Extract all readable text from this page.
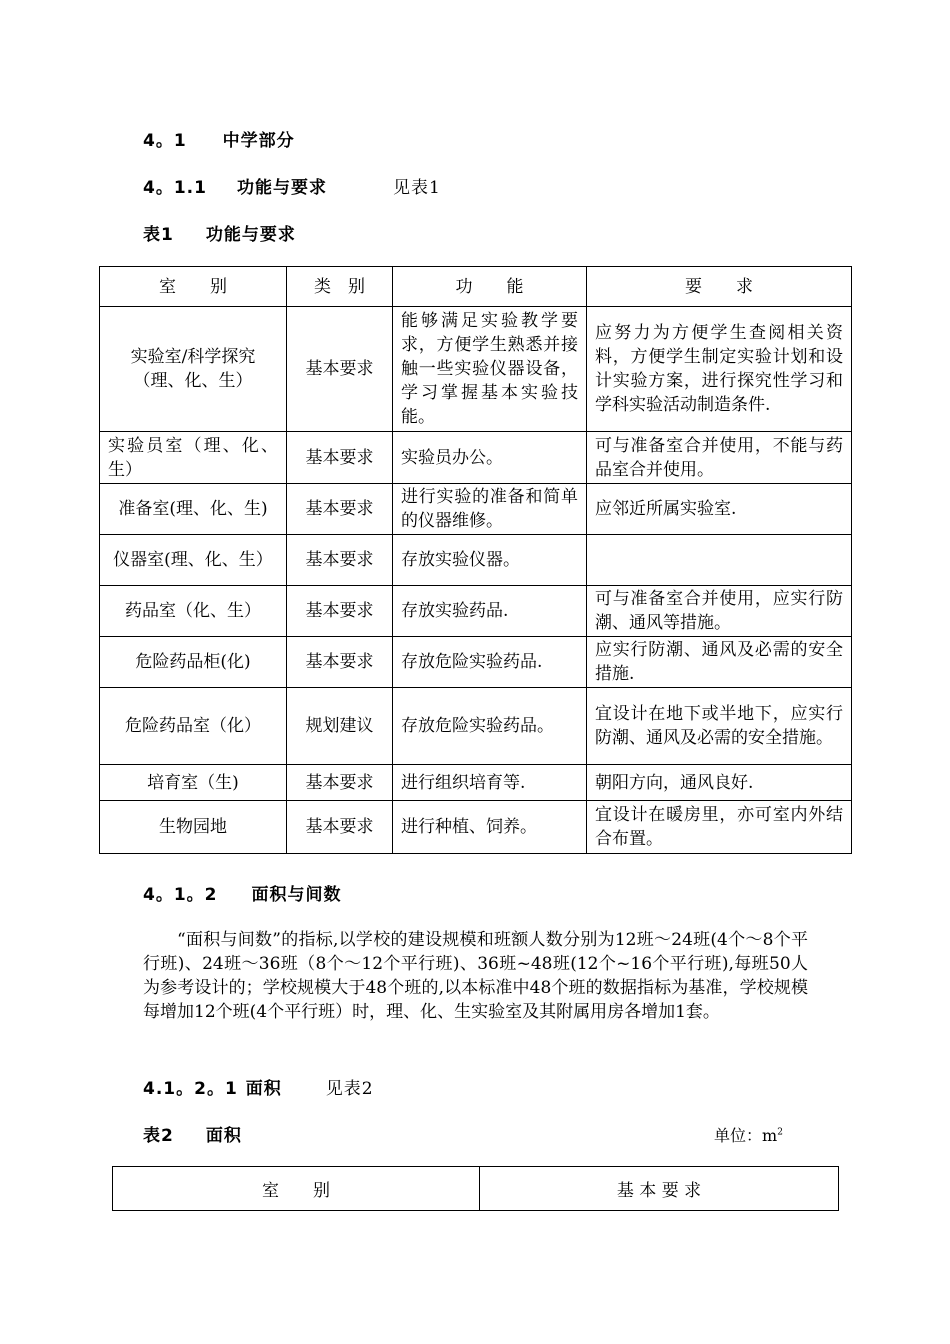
4。1 中学部分
4。1.1 功能与要求	见表1
表1 功能与要求
室　　别	类　别	功　　能	要　　求
实验室/科学探究（理、化、生）	基本要求	能够满足实验教学要求，方便学生熟悉并接触一些实验仪器设备，学习掌握基本实验技能。	应努力为方便学生查阅相关资料，方便学生制定实验计划和设计实验方案，进行探究性学习和学科实验活动制造条件.
实验员室（理、化、生）	基本要求	实验员办公。	可与准备室合并使用，不能与药品室合并使用。
准备室(理、化、生)	基本要求	进行实验的准备和简单的仪器维修。	应邻近所属实验室.
仪器室(理、化、生）	基本要求	存放实验仪器。	
药品室（化、生）	基本要求	存放实验药品.	可与准备室合并使用，应实行防潮、通风等措施。
危险药品柜(化)	基本要求	存放危险实验药品.	应实行防潮、通风及必需的安全措施.
危险药品室（化）	规划建议	存放危险实验药品。	宜设计在地下或半地下，应实行防潮、通风及必需的安全措施。
培育室（生)	基本要求	进行组织培育等.	朝阳方向，通风良好.
生物园地	基本要求	进行种植、饲养。	宜设计在暖房里，亦可室内外结合布置。
4。1。2 面积与间数
“面积与间数”的指标,以学校的建设规模和班额人数分别为12班～24班(4个～8个平行班)、24班～36班（8个～12个平行班)、36班~48班(12个~16个平行班),每班50人为参考设计的；学校规模大于48个班的,以本标准中48个班的数据指标为基准，学校规模每增加12个班(4个平行班）时，理、化、生实验室及其附属用房各增加1套。
4.1。2。1 面积	见表2
表2 面积	单位：$m^2$
室　　别	基 本 要 求
